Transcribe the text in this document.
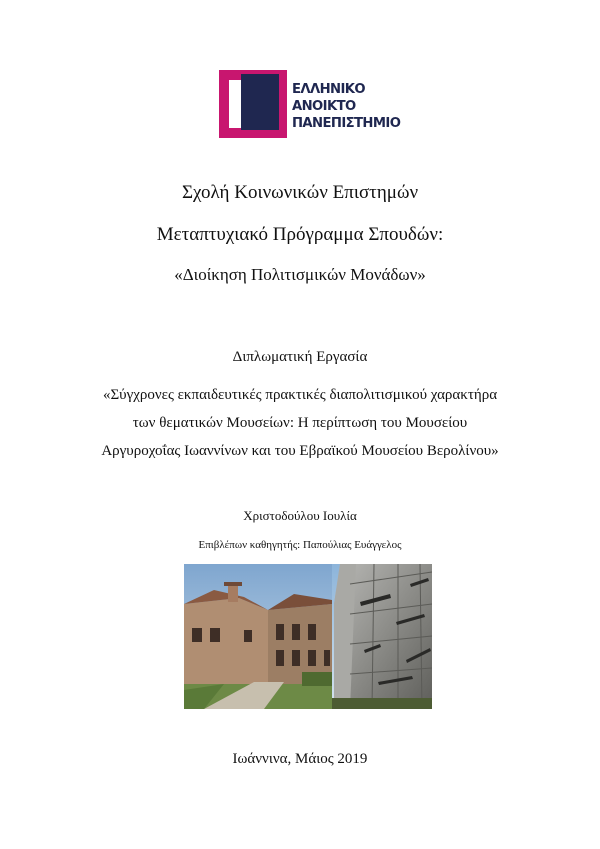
ΕΛΛΗΝΙΚΟ
ΑΝΟΙΚΤΟ
ΠΑΝΕΠΙΣΤΗΜΙΟ
Σχολή Κοινωνικών Επιστημών
Μεταπτυχιακό Πρόγραμμα Σπουδών:
«Διοίκηση Πολιτισμικών Μονάδων»
Διπλωματική Εργασία
«Σύγχρονες εκπαιδευτικές πρακτικές διαπολιτισμικού χαρακτήρα
των θεματικών Μουσείων: Η περίπτωση του Μουσείου
Αργυροχοΐας Ιωαννίνων και του Εβραϊκού Μουσείου Βερολίνου»
Χριστοδούλου Ιουλία
Επιβλέπων καθηγητής: Παπούλιας Ευάγγελος
Ιωάννινα, Μάιος 2019
